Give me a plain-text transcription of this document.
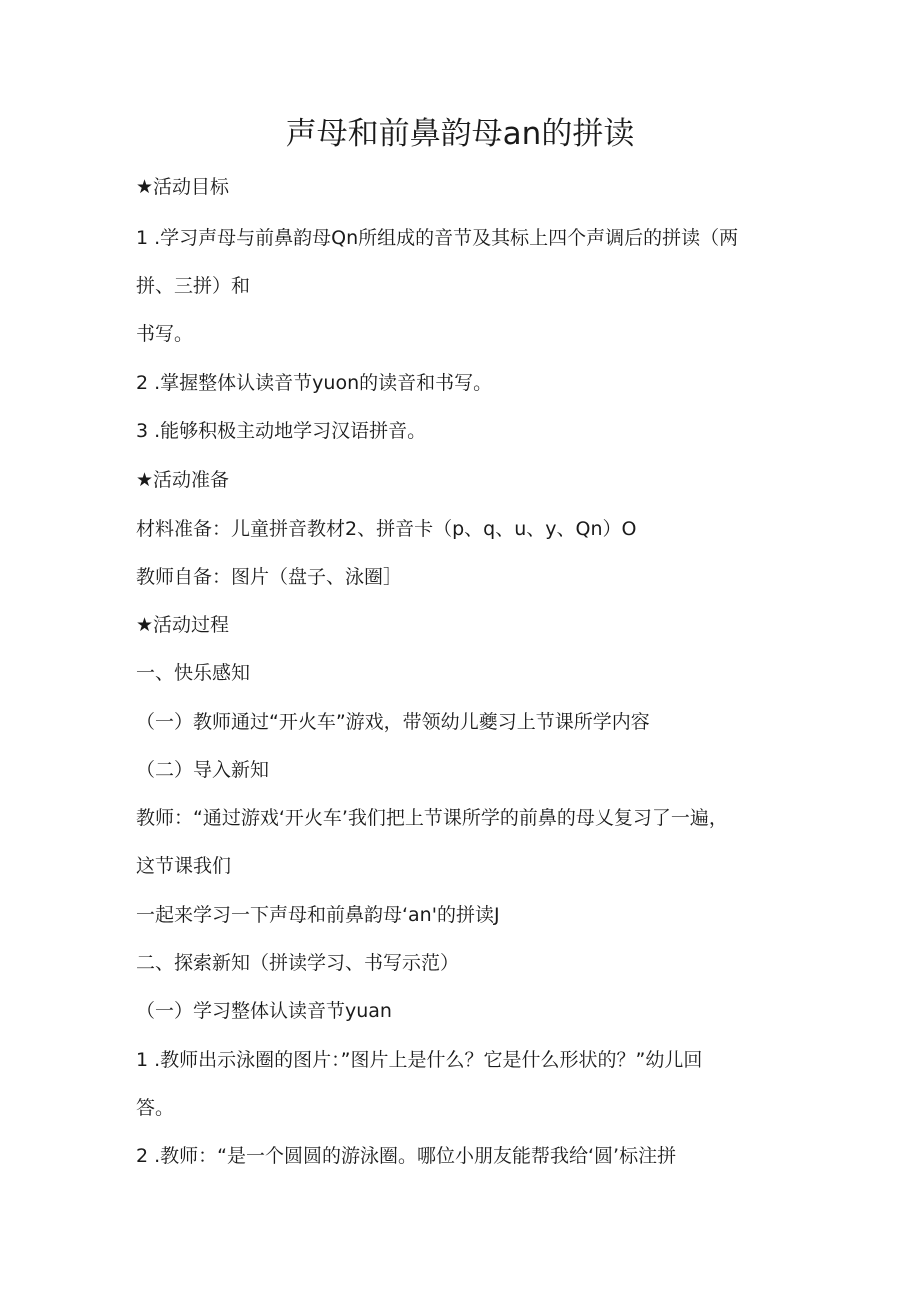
声母和前鼻韵母an的拼读
★活动目标
1 .学习声母与前鼻韵母Qn所组成的音节及其标上四个声调后的拼读（两
拼、三拼）和
书写。
2 .掌握整体认读音节yuon的读音和书写。
3 .能够积极主动地学习汉语拼音。
★活动准备
材料准备：儿童拼音教材2、拼音卡（p、q、u、y、Qn）O
教师自备：图片（盘子、泳圈］
★活动过程
一、快乐感知
（一）教师通过“开火车”游戏，带领幼儿夔习上节课所学内容
（二）导入新知
教师：“通过游戏‘开火车’我们把上节课所学的前鼻的母乂复习了一遍，
这节课我们
一起来学习一下声母和前鼻韵母‘an'的拼读J
二、探索新知（拼读学习、书写示范）
（一）学习整体认读音节yuan
1 .教师出示泳圈的图片：”图片上是什么？它是什么形状的？”幼儿回
答。
2 .教师：“是一个圆圆的游泳圈。哪位小朋友能帮我给‘圆’标注拼
